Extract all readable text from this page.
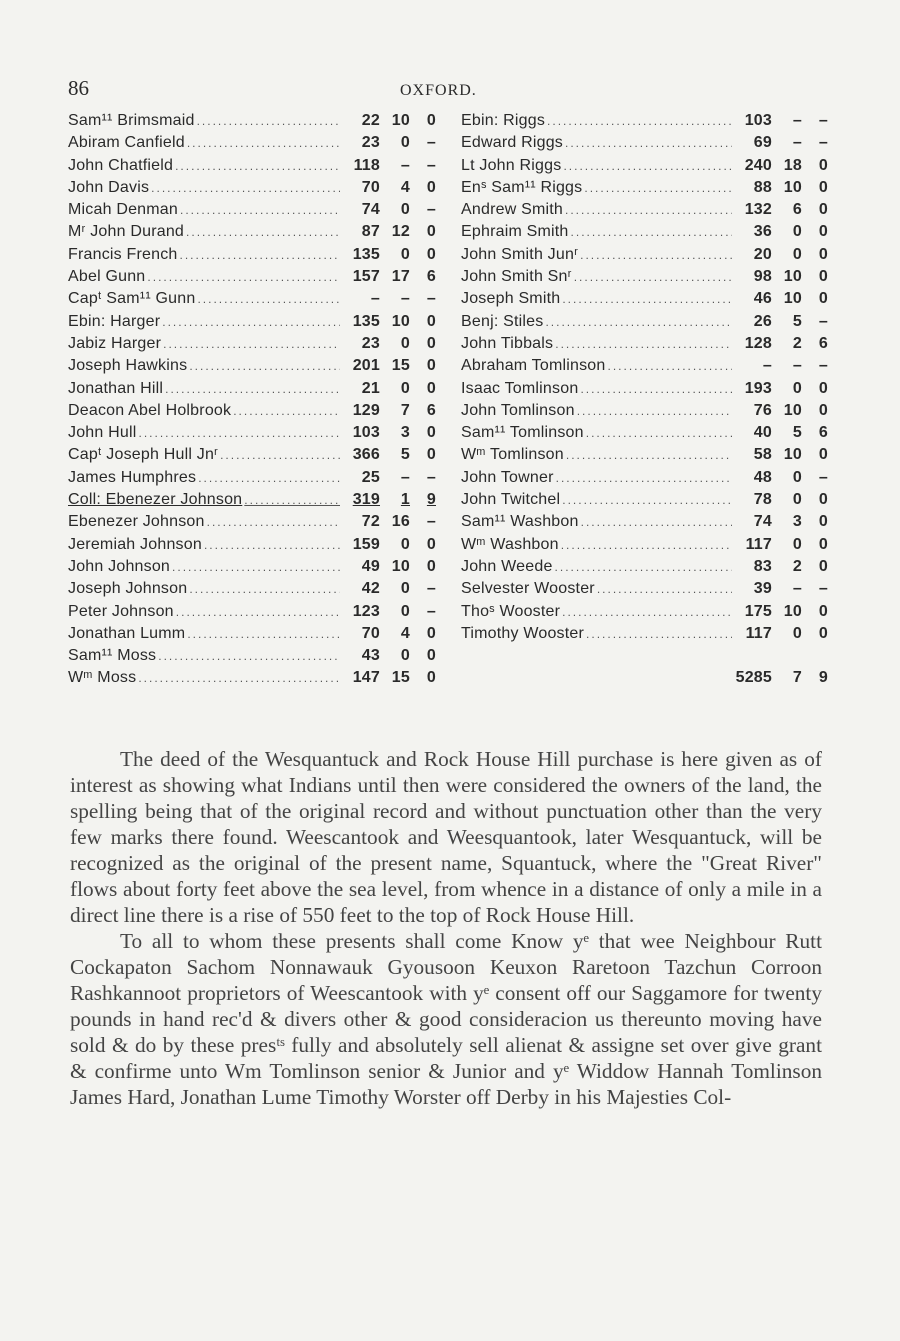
86	OXFORD.
Sam¹¹ Brimsmaid .....	22 10	0
Abiram Canfield .....	23	0	–
John Chatfield .....	118	–	–
John Davis .....	70	4	0
Micah Denman .....	74	0	–
Mʳ John Durand .....	87 12	0
Francis French .....	135	0	0
Abel Gunn .....	157 17	6
Capᵗ Sam¹¹ Gunn .....	–	–	–
Ebin: Harger .....	135 10	0
Jabiz Harger .....	23	0	0
Joseph Hawkins .....	201 15	0
Jonathan Hill .....	21	0	0
Deacon Abel Holbrook .....	129	7	6
John Hull .....	103	3	0
Capᵗ Joseph Hull Jnʳ .....	366	5	0
James Humphres .....	25	–	–
Coll: Ebenezer Johnson .....	319	1	9
Ebenezer Johnson .....	72 16	–
Jeremiah Johnson .....	159	0	0
John Johnson .....	49 10	0
Joseph Johnson .....	42	0	–
Peter Johnson .....	123	0	–
Jonathan Lumm .....	70	4	0
Sam¹¹ Moss .....	43	0	0
Wᵐ Moss .....	147 15	0
Ebin: Riggs .....	103	–	–
Edward Riggs .....	69	–	–
Lt John Riggs .....	240 18	0
Enˢ Sam¹¹ Riggs .....	88 10	0
Andrew Smith .....	132	6	0
Ephraim Smith .....	36	0	0
John Smith Junʳ .....	20	0	0
John Smith Snʳ .....	98 10	0
Joseph Smith .....	46 10	0
Benj: Stiles .....	26	5	–
John Tibbals .....	128	2	6
Abraham Tomlinson .....	–	–	–
Isaac Tomlinson .....	193	0	0
John Tomlinson .....	76 10	0
Sam¹¹ Tomlinson .....	40	5	6
Wᵐ Tomlinson .....	58 10	0
John Towner .....	48	0	–
John Twitchel .....	78	0	0
Sam¹¹ Washbon .....	74	3	0
Wᵐ Washbon .....	117	0	0
John Weede .....	83	2	0
Selvester Wooster .....	39	–	–
Thoˢ Wooster .....	175 10	0
Timothy Wooster .....	117	0	0
5285	7	9

The deed of the Wesquantuck and Rock House Hill purchase is here given as of interest as showing what Indians until then were considered the owners of the land, the spelling being that of the original record and without punctuation other than the very few marks there found. Weescantook and Weesquantook, later Wesquantuck, will be recognized as the original of the present name, Squantuck, where the "Great River" flows about forty feet above the sea level, from whence in a distance of only a mile in a direct line there is a rise of 550 feet to the top of Rock House Hill.

To all to whom these presents shall come Know yᵉ that wee Neighbour Rutt Cockapaton Sachom Nonnawauk Gyousoon Keuxon Raretoon Tazchun Corroon Rashkannoot proprietors of Weescantook with yᵉ consent off our Saggamore for twenty pounds in hand rec'd & divers other & good consideracion us thereunto moving have sold & do by these presᵗˢ fully and absolutely sell alienat & assigne set over give grant & confirme unto Wm Tomlinson senior & Junior and yᵉ Widdow Hannah Tomlinson James Hard, Jonathan Lume Timothy Worster off Derby in his Majesties Col-
